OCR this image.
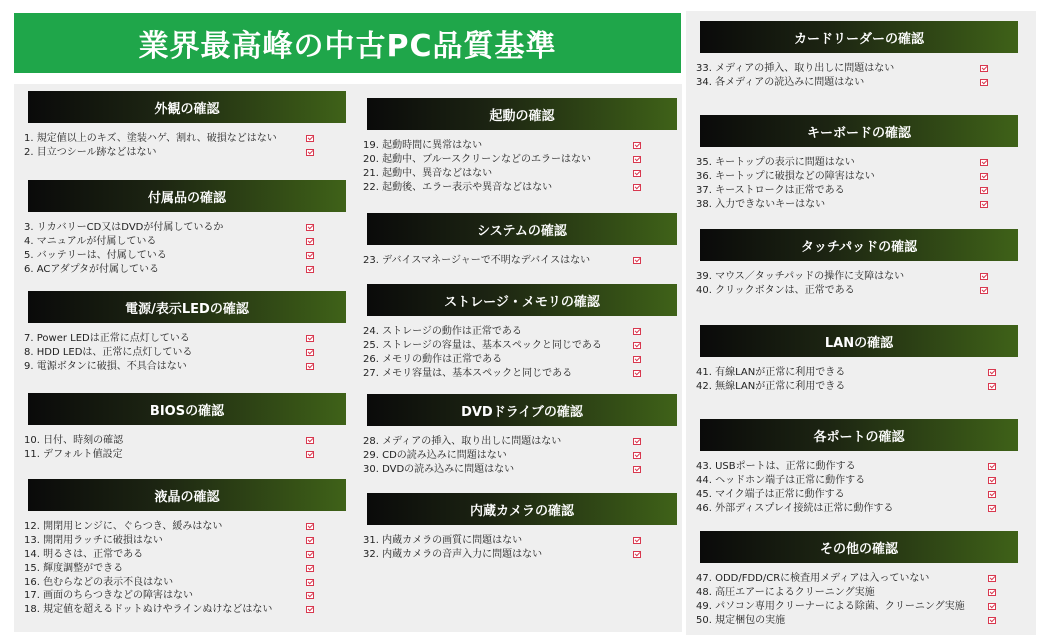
業界最高峰の中古PC品質基準
外観の確認
1. 規定値以上のキズ、塗装ハゲ、割れ、破損などはない
2. 目立つシール跡などはない
付属品の確認
3. リカバリーCD又はDVDが付属しているか
4. マニュアルが付属している
5. バッテリーは、付属している
6. ACアダプタが付属している
電源/表示LEDの確認
7. Power LEDは正常に点灯している
8. HDD LEDは、正常に点灯している
9. 電源ボタンに破損、不具合はない
BIOSの確認
10. 日付、時刻の確認
11. デフォルト値設定
液晶の確認
12. 開閉用ヒンジに、ぐらつき、緩みはない
13. 開閉用ラッチに破損はない
14. 明るさは、正常である
15. 輝度調整ができる
16. 色むらなどの表示不良はない
17. 画面のちらつきなどの障害はない
18. 規定値を超えるドットぬけやラインぬけなどはない
起動の確認
19. 起動時間に異常はない
20. 起動中、ブルースクリーンなどのエラーはない
21. 起動中、異音などはない
22. 起動後、エラー表示や異音などはない
システムの確認
23. デバイスマネージャーで不明なデバイスはない
ストレージ・メモリの確認
24. ストレージの動作は正常である
25. ストレージの容量は、基本スペックと同じである
26. メモリの動作は正常である
27. メモリ容量は、基本スペックと同じである
DVDドライブの確認
28. メディアの挿入、取り出しに問題はない
29. CDの読み込みに問題はない
30. DVDの読み込みに問題はない
内蔵カメラの確認
31. 内蔵カメラの画質に問題はない
32. 内蔵カメラの音声入力に問題はない
カードリーダーの確認
33. メディアの挿入、取り出しに問題はない
34. 各メディアの読込みに問題はない
キーボードの確認
35. キートップの表示に問題はない
36. キートップに破損などの障害はない
37. キーストロークは正常である
38. 入力できないキーはない
タッチパッドの確認
39. マウス／タッチパッドの操作に支障はない
40. クリックボタンは、正常である
LANの確認
41. 有線LANが正常に利用できる
42. 無線LANが正常に利用できる
各ポートの確認
43. USBポートは、正常に動作する
44. ヘッドホン端子は正常に動作する
45. マイク端子は正常に動作する
46. 外部ディスプレイ接続は正常に動作する
その他の確認
47. ODD/FDD/CRに検査用メディアは入っていない
48. 高圧エアーによるクリーニング実施
49. パソコン専用クリーナーによる除菌、クリーニング実施
50. 規定梱包の実施
